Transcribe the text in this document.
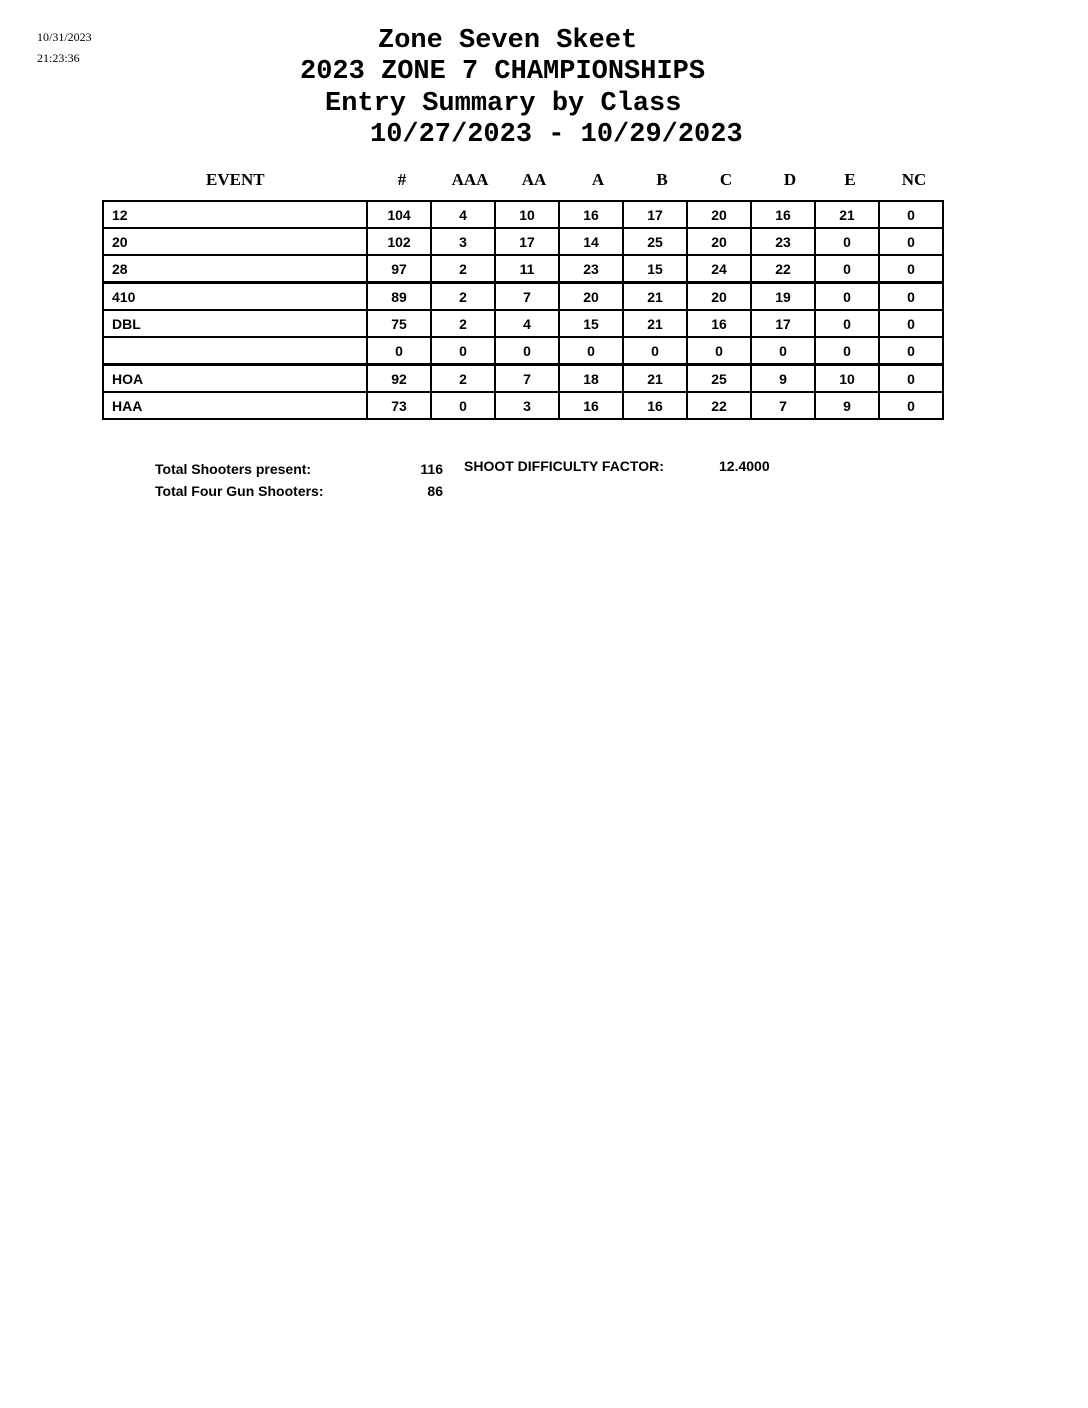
10/31/2023
21:23:36
Zone Seven Skeet
2023 ZONE 7 CHAMPIONSHIPS
Entry Summary by Class
10/27/2023 - 10/29/2023
EVENT	#	AAA	AA	A	B	C	D	E	NC
12	104	4	10	16	17	20	16	21	0
20	102	3	17	14	25	20	23	0	0
28	97	2	11	23	15	24	22	0	0
410	89	2	7	20	21	20	19	0	0
DBL	75	2	4	15	21	16	17	0	0
	0	0	0	0	0	0	0	0	0
HOA	92	2	7	18	21	25	9	10	0
HAA	73	0	3	16	16	22	7	9	0
Total Shooters present:	116
Total Four Gun Shooters:	86
SHOOT DIFFICULTY FACTOR:	12.4000
